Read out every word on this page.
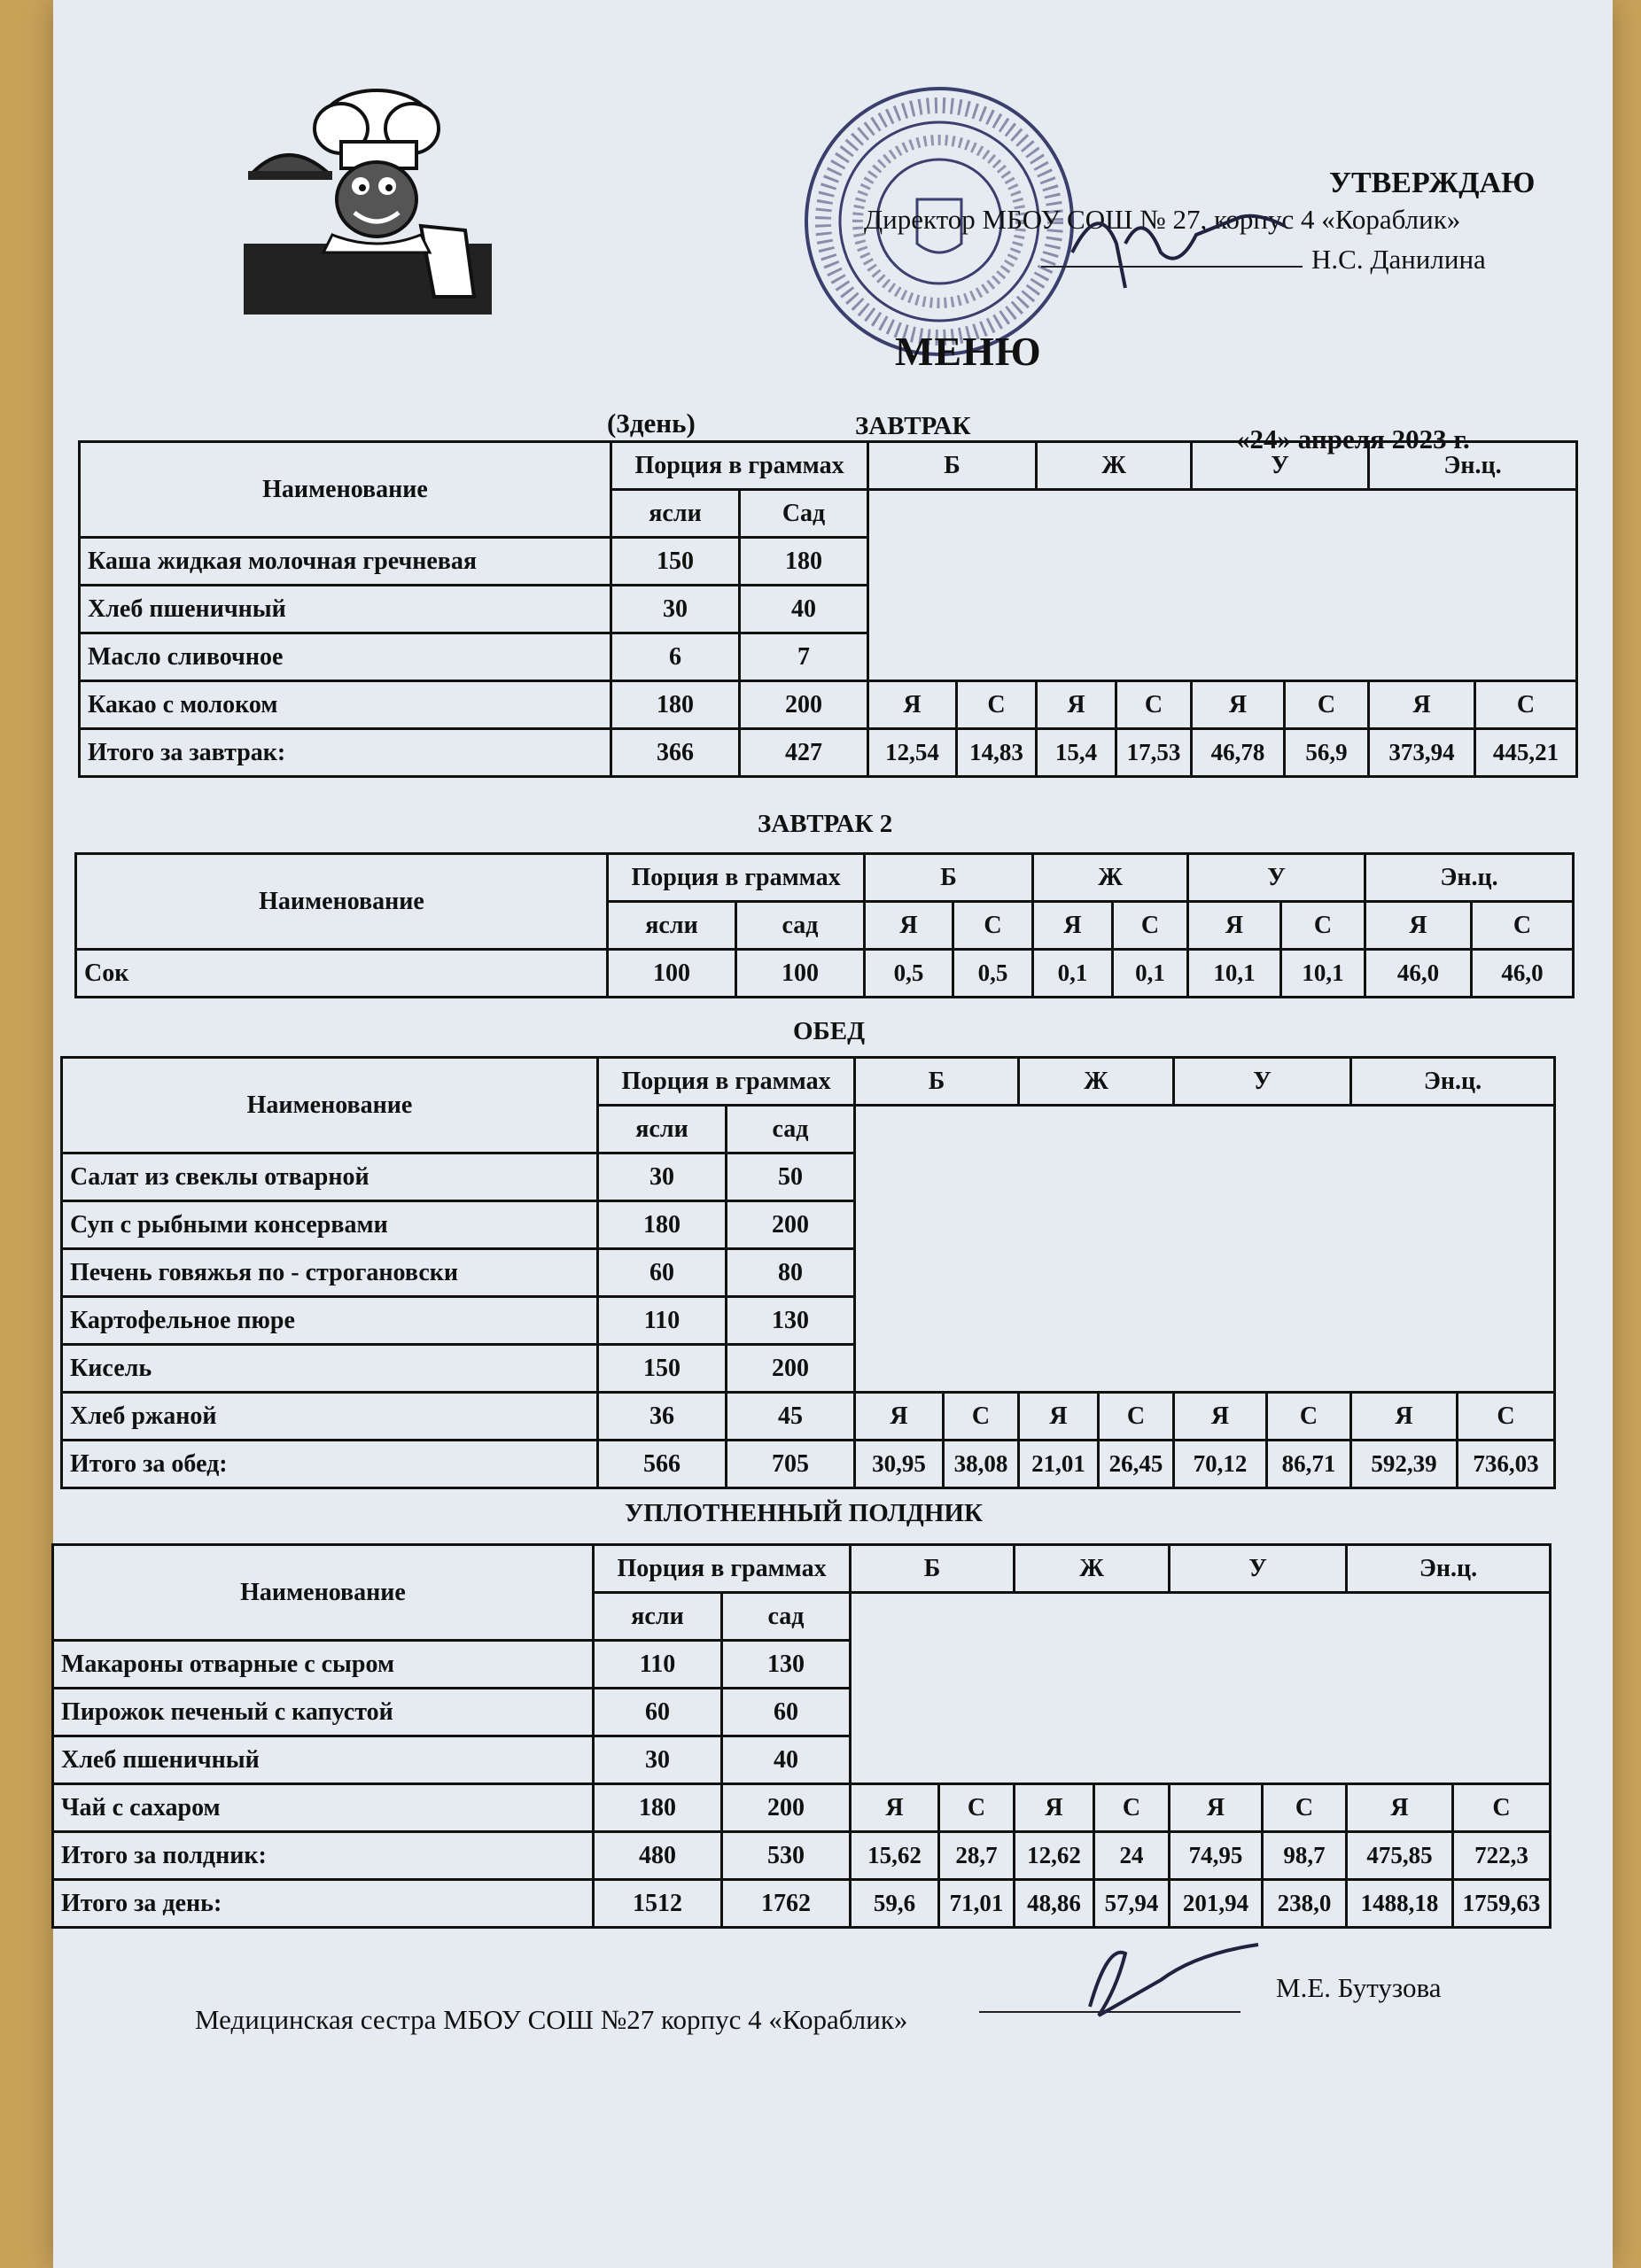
УТВЕРЖДАЮ
Директор МБОУ СОШ № 27, корпус 4 «Кораблик»
Н.С. Данилина
МЕНЮ
(3день)	ЗАВТРАК	«24» апреля 2023 г.
Наименование	Порция в граммах		Б		Ж		У		Эн.ц.	
	ясли	Сад								
Каша жидкая молочная гречневая	150	180								
Хлеб пшеничный	30	40								
Масло сливочное	6	7								
Какао с молоком	180	200	Я	С	Я	С	Я	С	Я	С
Итого за завтрак:	366	427	12,54	14,83	15,4	17,53	46,78	56,9	373,94	445,21
ЗАВТРАК 2
Наименование	Порция в граммах		Б		Ж		У		Эн.ц.	
	ясли	сад	Я	С	Я	С	Я	С	Я	С
Сок	100	100	0,5	0,5	0,1	0,1	10,1	10,1	46,0	46,0
ОБЕД
Наименование	Порция в граммах		Б		Ж		У		Эн.ц.	
	ясли	сад								
Салат из свеклы отварной	30	50								
Суп с рыбными консервами	180	200								
Печень говяжья по - строгановски	60	80								
Картофельное пюре	110	130								
Кисель	150	200								
Хлеб ржаной	36	45	Я	С	Я	С	Я	С	Я	С
Итого за обед:	566	705	30,95	38,08	21,01	26,45	70,12	86,71	592,39	736,03
УПЛОТНЕННЫЙ ПОЛДНИК
Наименование	Порция в граммах		Б		Ж		У		Эн.ц.	
	ясли	сад								
Макароны отварные с сыром	110	130								
Пирожок печеный с капустой	60	60								
Хлеб пшеничный	30	40								
Чай с сахаром	180	200	Я	С	Я	С	Я	С	Я	С
Итого за полдник:	480	530	15,62	28,7	12,62	24	74,95	98,7	475,85	722,3
Итого за день:	1512	1762	59,6	71,01	48,86	57,94	201,94	238,0	1488,18	1759,63
Медицинская сестра МБОУ СОШ №27 корпус 4 «Кораблик»
М.Е. Бутузова
